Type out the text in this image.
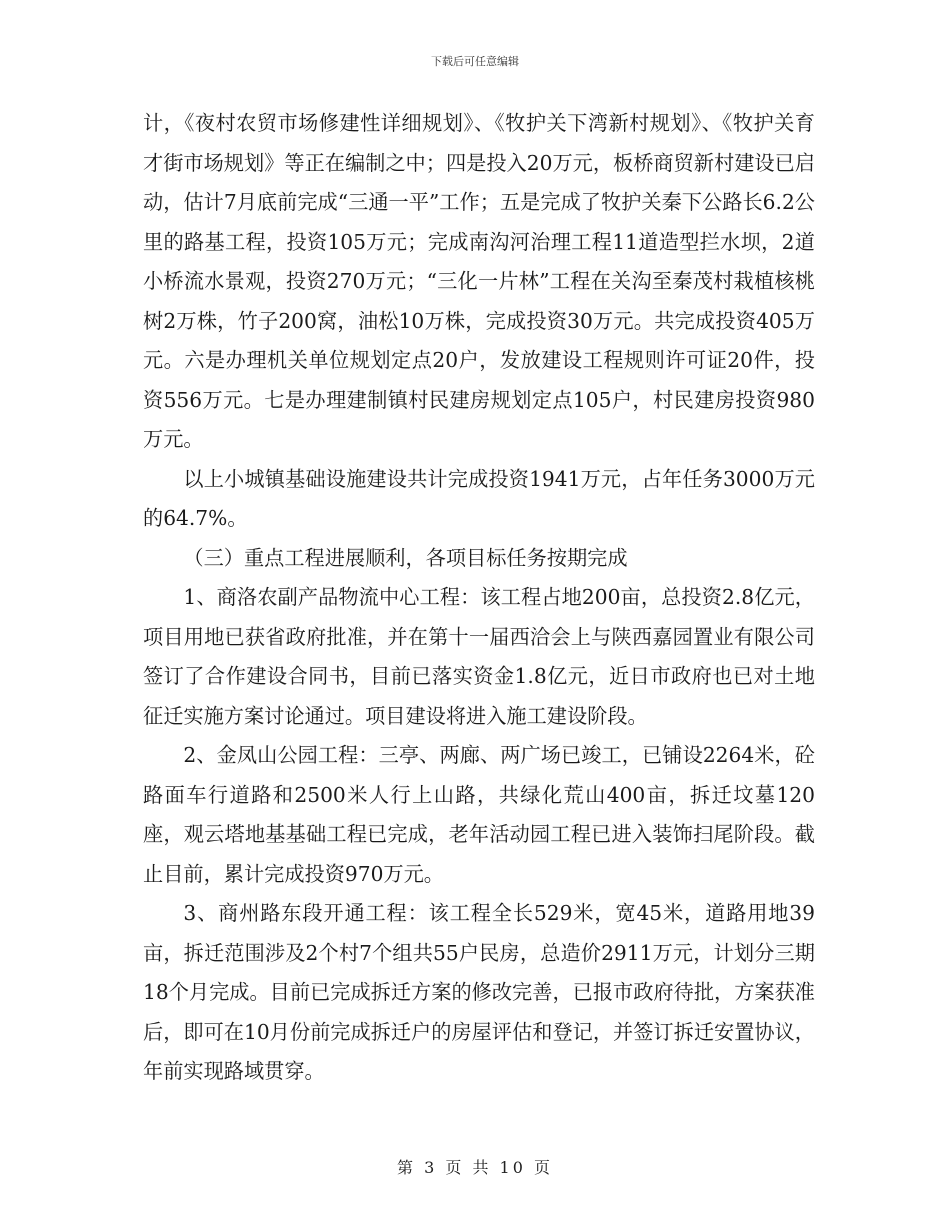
下载后可任意编辑

计，《夜村农贸市场修建性详细规划》、《牧护关下湾新村规划》、《牧护关育才街市场规划》等正在编制之中；四是投入20万元，板桥商贸新村建设已启动，估计7月底前完成“三通一平”工作；五是完成了牧护关秦下公路长6.2公里的路基工程，投资105万元；完成南沟河治理工程11道造型拦水坝，2道小桥流水景观，投资270万元；“三化一片林”工程在关沟至秦茂村栽植核桃树2万株，竹子200窝，油松10万株，完成投资30万元。共完成投资405万元。六是办理机关单位规划定点20户，发放建设工程规则许可证20件，投资556万元。七是办理建制镇村民建房规划定点105户，村民建房投资980万元。

以上小城镇基础设施建设共计完成投资1941万元，占年任务3000万元的64.7%。

（三）重点工程进展顺利，各项目标任务按期完成

1、商洛农副产品物流中心工程：该工程占地200亩，总投资2.8亿元，项目用地已获省政府批准，并在第十一届西洽会上与陕西嘉园置业有限公司签订了合作建设合同书，目前已落实资金1.8亿元，近日市政府也已对土地征迁实施方案讨论通过。项目建设将进入施工建设阶段。

2、金凤山公园工程：三亭、两廊、两广场已竣工，已铺设2264米，砼路面车行道路和2500米人行上山路，共绿化荒山400亩，拆迁坟墓120座，观云塔地基基础工程已完成，老年活动园工程已进入装饰扫尾阶段。截止目前，累计完成投资970万元。

3、商州路东段开通工程：该工程全长529米，宽45米，道路用地39亩，拆迁范围涉及2个村7个组共55户民房，总造价2911万元，计划分三期18个月完成。目前已完成拆迁方案的修改完善，已报市政府待批，方案获准后，即可在10月份前完成拆迁户的房屋评估和登记，并签订拆迁安置协议，年前实现路域贯穿。

第 3 页 共 10 页
